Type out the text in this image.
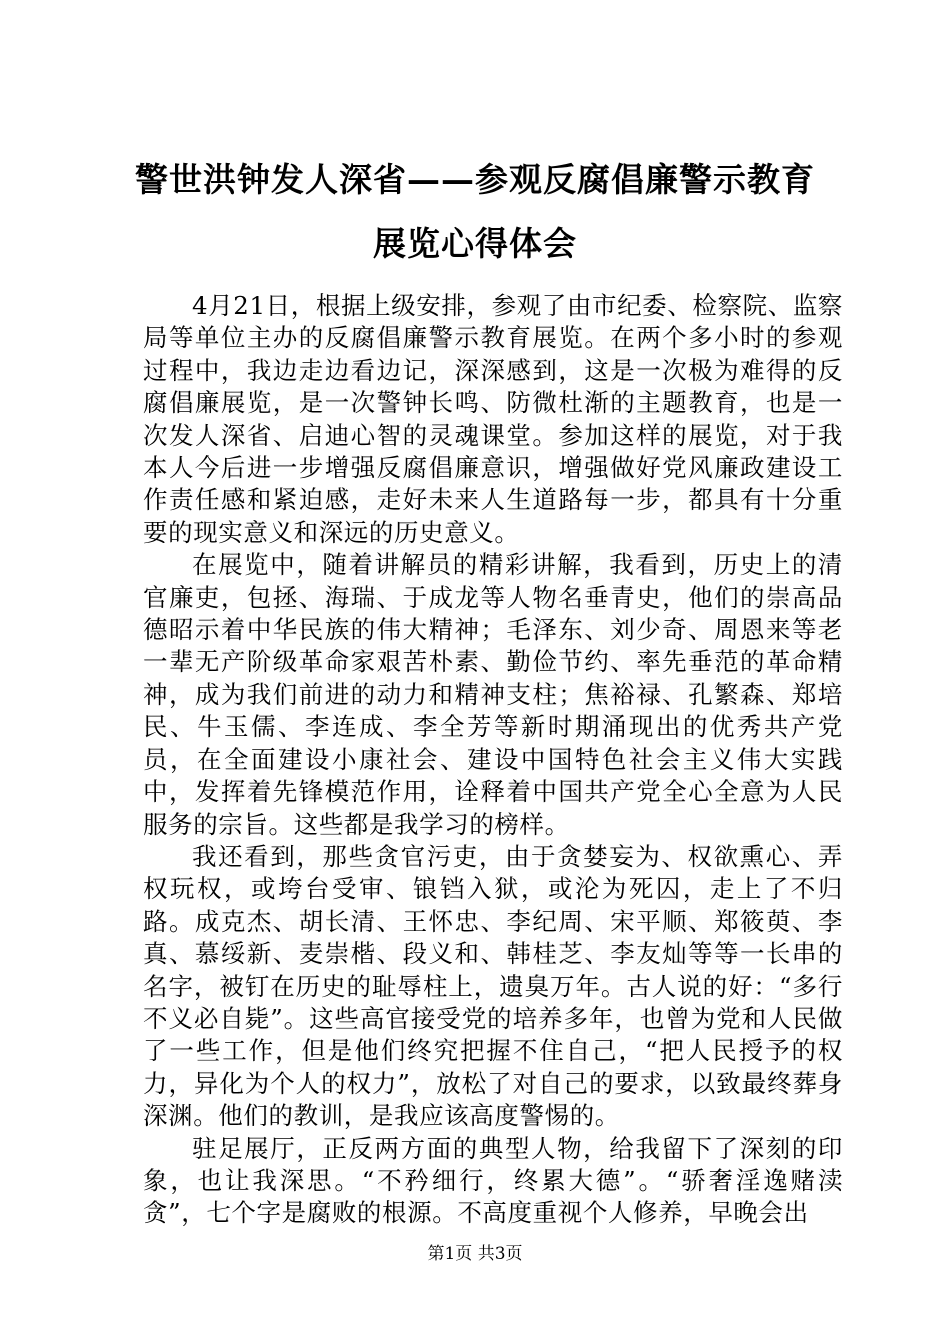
警世洪钟发人深省——参观反腐倡廉警示教育
展览心得体会

4月21日，根据上级安排，参观了由市纪委、检察院、监察局等单位主办的反腐倡廉警示教育展览。在两个多小时的参观过程中，我边走边看边记，深深感到，这是一次极为难得的反腐倡廉展览，是一次警钟长鸣、防微杜渐的主题教育，也是一次发人深省、启迪心智的灵魂课堂。参加这样的展览，对于我本人今后进一步增强反腐倡廉意识，增强做好党风廉政建设工作责任感和紧迫感，走好未来人生道路每一步，都具有十分重要的现实意义和深远的历史意义。

在展览中，随着讲解员的精彩讲解，我看到，历史上的清官廉吏，包拯、海瑞、于成龙等人物名垂青史，他们的崇高品德昭示着中华民族的伟大精神；毛泽东、刘少奇、周恩来等老一辈无产阶级革命家艰苦朴素、勤俭节约、率先垂范的革命精神，成为我们前进的动力和精神支柱；焦裕禄、孔繁森、郑培民、牛玉儒、李连成、李全芳等新时期涌现出的优秀共产党员，在全面建设小康社会、建设中国特色社会主义伟大实践中，发挥着先锋模范作用，诠释着中国共产党全心全意为人民服务的宗旨。这些都是我学习的榜样。

我还看到，那些贪官污吏，由于贪婪妄为、权欲熏心、弄权玩权，或垮台受审、锒铛入狱，或沦为死囚，走上了不归路。成克杰、胡长清、王怀忠、李纪周、宋平顺、郑筱萸、李真、慕绥新、麦崇楷、段义和、韩桂芝、李友灿等等一长串的名字，被钉在历史的耻辱柱上，遗臭万年。古人说的好：“多行不义必自毙”。这些高官接受党的培养多年，也曾为党和人民做了一些工作，但是他们终究把握不住自己，“把人民授予的权力，异化为个人的权力”，放松了对自己的要求，以致最终葬身深渊。他们的教训，是我应该高度警惕的。

驻足展厅，正反两方面的典型人物，给我留下了深刻的印象，也让我深思。“不矜细行，终累大德”。“骄奢淫逸赌渎贪”，七个字是腐败的根源。不高度重视个人修养，早晚会出

第1页 共3页
